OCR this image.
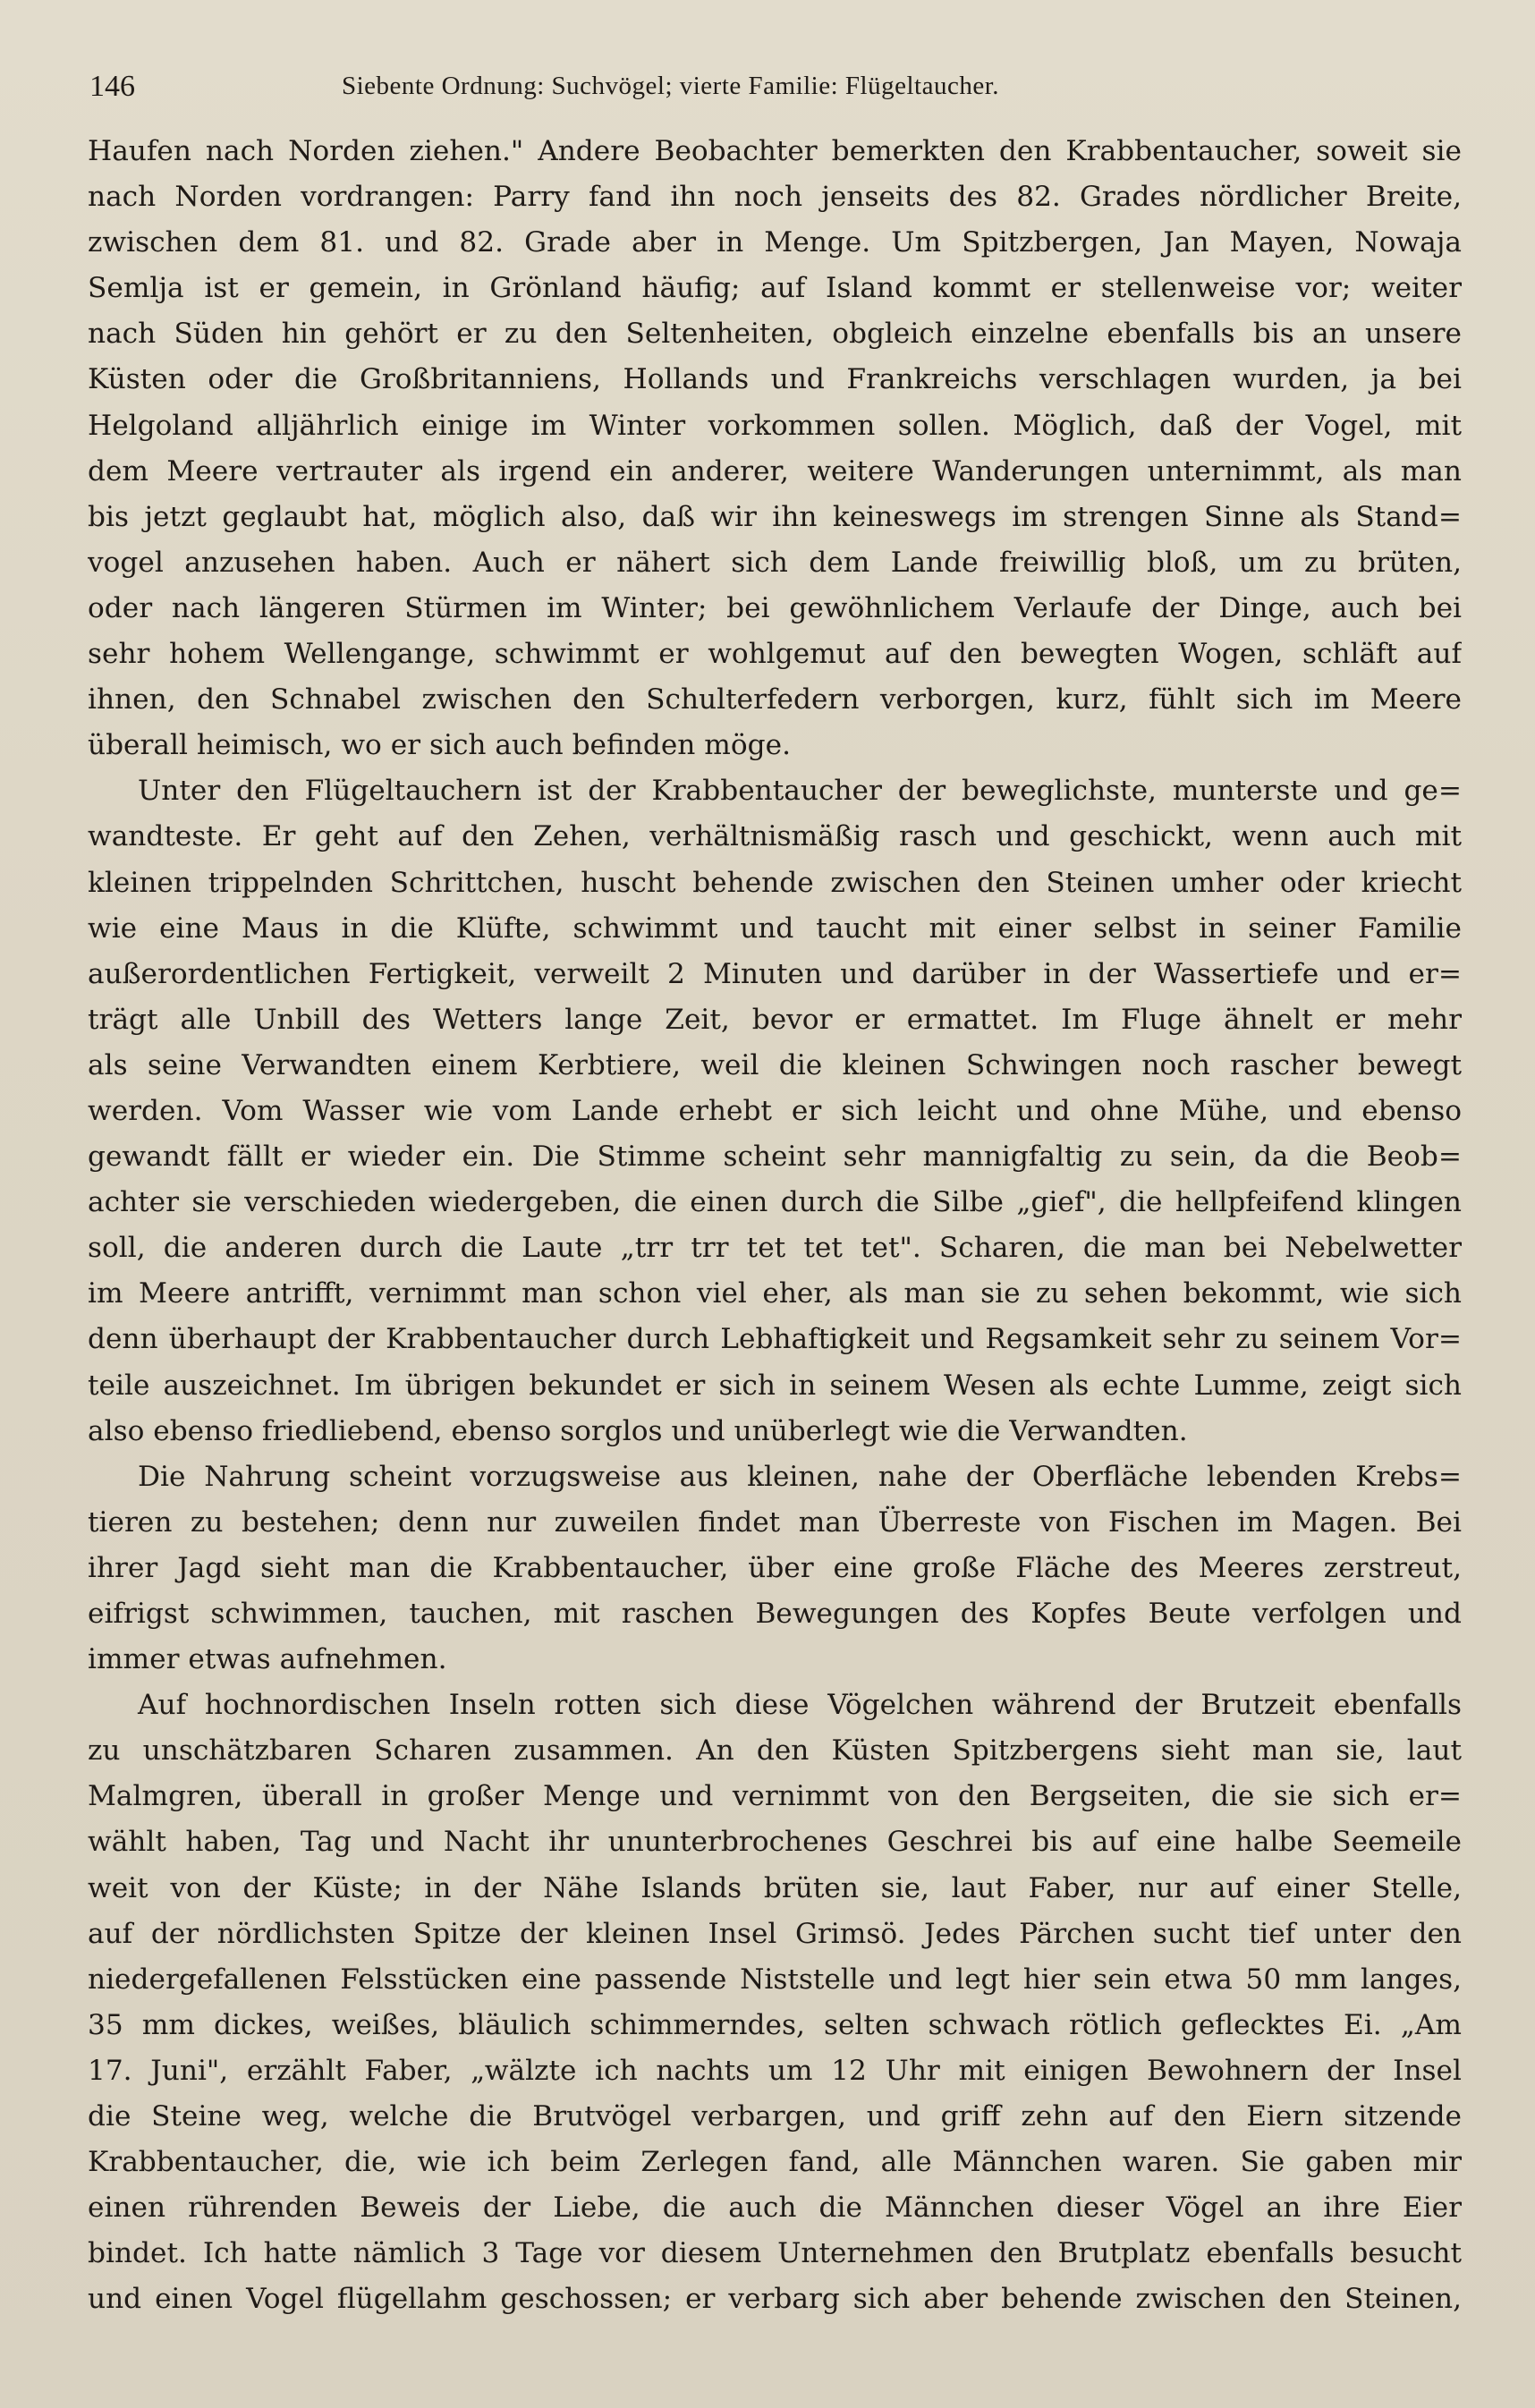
146	Siebente Ordnung: Suchvögel; vierte Familie: Flügeltaucher.
Haufen nach Norden ziehen." Andere Beobachter bemerkten den Krabbentaucher, soweit sie
nach Norden vordrangen: Parry fand ihn noch jenseits des 82. Grades nördlicher Breite,
zwischen dem 81. und 82. Grade aber in Menge. Um Spitzbergen, Jan Mayen, Nowaja
Semlja ist er gemein, in Grönland häufig; auf Island kommt er stellenweise vor; weiter
nach Süden hin gehört er zu den Seltenheiten, obgleich einzelne ebenfalls bis an unsere
Küsten oder die Großbritanniens, Hollands und Frankreichs verschlagen wurden, ja bei
Helgoland alljährlich einige im Winter vorkommen sollen. Möglich, daß der Vogel, mit
dem Meere vertrauter als irgend ein anderer, weitere Wanderungen unternimmt, als man
bis jetzt geglaubt hat, möglich also, daß wir ihn keineswegs im strengen Sinne als Stand=
vogel anzusehen haben. Auch er nähert sich dem Lande freiwillig bloß, um zu brüten,
oder nach längeren Stürmen im Winter; bei gewöhnlichem Verlaufe der Dinge, auch bei
sehr hohem Wellengange, schwimmt er wohlgemut auf den bewegten Wogen, schläft auf
ihnen, den Schnabel zwischen den Schulterfedern verborgen, kurz, fühlt sich im Meere
überall heimisch, wo er sich auch befinden möge.
Unter den Flügeltauchern ist der Krabbentaucher der beweglichste, munterste und ge=
wandteste. Er geht auf den Zehen, verhältnismäßig rasch und geschickt, wenn auch mit
kleinen trippelnden Schrittchen, huscht behende zwischen den Steinen umher oder kriecht
wie eine Maus in die Klüfte, schwimmt und taucht mit einer selbst in seiner Familie
außerordentlichen Fertigkeit, verweilt 2 Minuten und darüber in der Wassertiefe und er=
trägt alle Unbill des Wetters lange Zeit, bevor er ermattet. Im Fluge ähnelt er mehr
als seine Verwandten einem Kerbtiere, weil die kleinen Schwingen noch rascher bewegt
werden. Vom Wasser wie vom Lande erhebt er sich leicht und ohne Mühe, und ebenso
gewandt fällt er wieder ein. Die Stimme scheint sehr mannigfaltig zu sein, da die Beob=
achter sie verschieden wiedergeben, die einen durch die Silbe „gief", die hellpfeifend klingen
soll, die anderen durch die Laute „trr trr tet tet tet". Scharen, die man bei Nebelwetter
im Meere antrifft, vernimmt man schon viel eher, als man sie zu sehen bekommt, wie sich
denn überhaupt der Krabbentaucher durch Lebhaftigkeit und Regsamkeit sehr zu seinem Vor=
teile auszeichnet. Im übrigen bekundet er sich in seinem Wesen als echte Lumme, zeigt sich
also ebenso friedliebend, ebenso sorglos und unüberlegt wie die Verwandten.
Die Nahrung scheint vorzugsweise aus kleinen, nahe der Oberfläche lebenden Krebs=
tieren zu bestehen; denn nur zuweilen findet man Überreste von Fischen im Magen. Bei
ihrer Jagd sieht man die Krabbentaucher, über eine große Fläche des Meeres zerstreut,
eifrigst schwimmen, tauchen, mit raschen Bewegungen des Kopfes Beute verfolgen und
immer etwas aufnehmen.
Auf hochnordischen Inseln rotten sich diese Vögelchen während der Brutzeit ebenfalls
zu unschätzbaren Scharen zusammen. An den Küsten Spitzbergens sieht man sie, laut
Malmgren, überall in großer Menge und vernimmt von den Bergseiten, die sie sich er=
wählt haben, Tag und Nacht ihr ununterbrochenes Geschrei bis auf eine halbe Seemeile
weit von der Küste; in der Nähe Islands brüten sie, laut Faber, nur auf einer Stelle,
auf der nördlichsten Spitze der kleinen Insel Grimsö. Jedes Pärchen sucht tief unter den
niedergefallenen Felsstücken eine passende Niststelle und legt hier sein etwa 50 mm langes,
35 mm dickes, weißes, bläulich schimmerndes, selten schwach rötlich geflecktes Ei. „Am
17. Juni", erzählt Faber, „wälzte ich nachts um 12 Uhr mit einigen Bewohnern der Insel
die Steine weg, welche die Brutvögel verbargen, und griff zehn auf den Eiern sitzende
Krabbentaucher, die, wie ich beim Zerlegen fand, alle Männchen waren. Sie gaben mir
einen rührenden Beweis der Liebe, die auch die Männchen dieser Vögel an ihre Eier
bindet. Ich hatte nämlich 3 Tage vor diesem Unternehmen den Brutplatz ebenfalls besucht
und einen Vogel flügellahm geschossen; er verbarg sich aber behende zwischen den Steinen,
